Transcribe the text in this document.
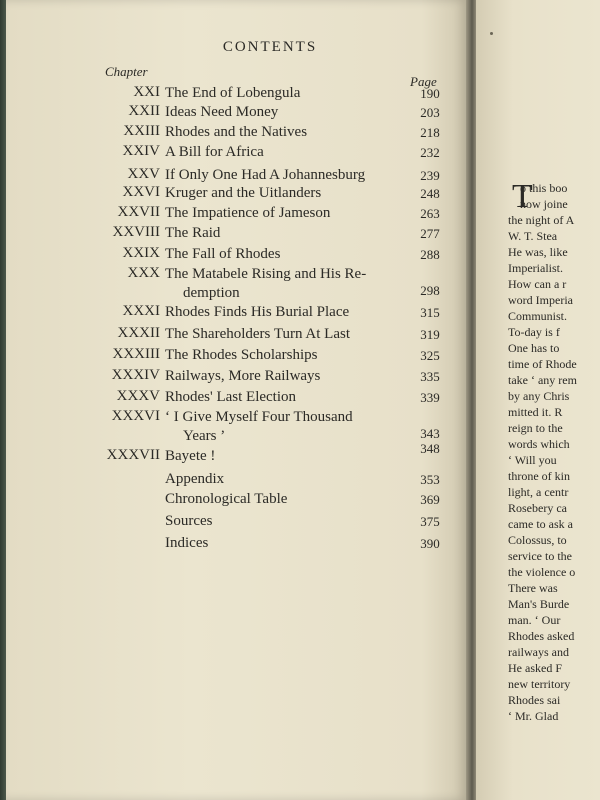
CONTENTS
Chapter
Page
XXI The End of Lobengula	190
XXII Ideas Need Money	203
XXIII Rhodes and the Natives	218
XXIV A Bill for Africa	232
XXV If Only One Had A Johannesburg	239
XXVI Kruger and the Uitlanders	248
XXVII The Impatience of Jameson	263
XXVIII The Raid	277
XXIX The Fall of Rhodes	288
XXX The Matabele Rising and His Re-
demption	298
XXXI Rhodes Finds His Burial Place	315
XXXII The Shareholders Turn At Last	319
XXXIII The Rhodes Scholarships	325
XXXIV Railways, More Railways	335
XXXV Rhodes' Last Election	339
XXXVI ‘ I Give Myself Four Thousand
Years ’	343
XXXVII Bayete !	348
Appendix	353
Chronological Table	369
Sources	375
Indices	390
T
o this boo
now joine
the night of A
W. T. Stea
He was, like
Imperialist.
How can a r
word Imperia
Communist.
To-day is f
One has to
time of Rhode
take ‘ any rem
by any Chris
mitted it. R
reign to the
words which
‘ Will you
throne of kin
light, a centr
Rosebery ca
came to ask a
Colossus, to
service to the
the violence o
There was
Man's Burde
man. ‘ Our
Rhodes asked
railways and
He asked F
new territory
Rhodes sai
‘ Mr. Glad
